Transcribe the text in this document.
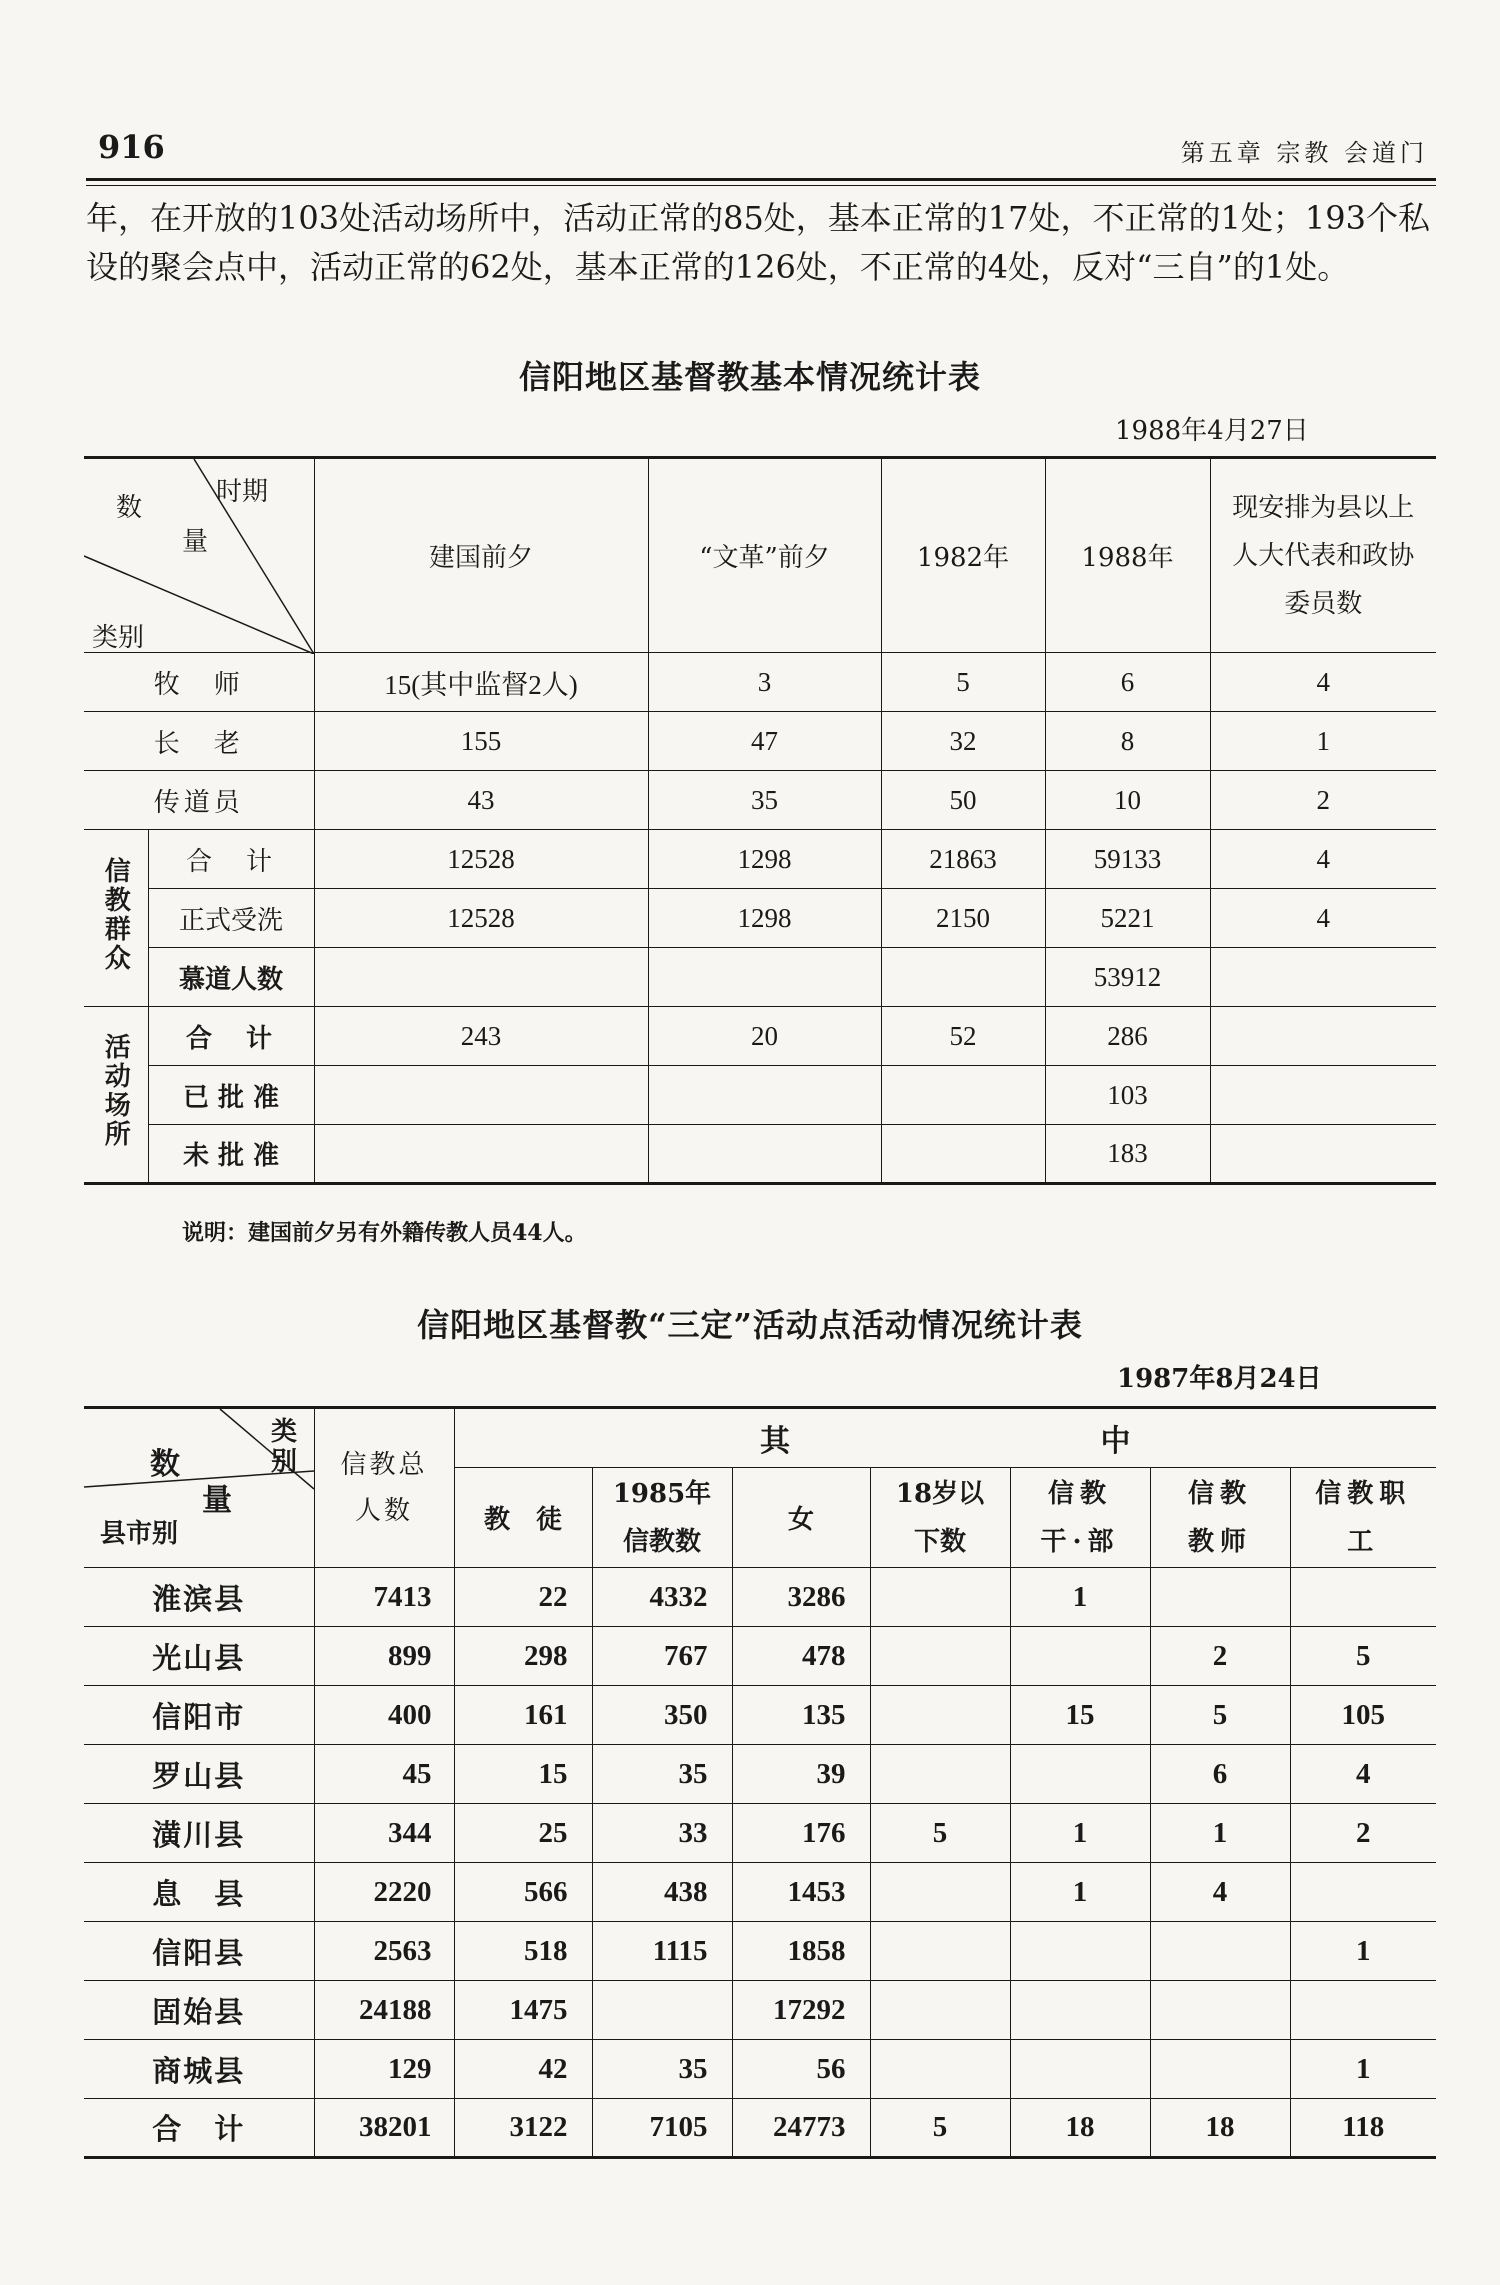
916	第五章 宗教 会道门
年，在开放的103处活动场所中，活动正常的85处，基本正常的17处，不正常的1处；193个私设的聚会点中，活动正常的62处，基本正常的126处，不正常的4处，反对“三自”的1处。
信阳地区基督教基本情况统计表
1988年4月27日
时期
数
量
类别		建国前夕	“文革”前夕	1982年	1988年	现安排为县以上人大代表和政协委员数
牧　师		15(其中监督2人)	3	5	6	4
长　老		155	47	32	8	1
传道员		43	35	50	10	2
信教群众	合　计	12528	1298	21863	59133	4
	正式受洗	12528	1298	2150	5221	4
	慕道人数				53912	
活动场所	合　计	243	20	52	286	
	已 批 准				103	
	未 批 准				183	
说明：建国前夕另有外籍传教人员44人。
信阳地区基督教“三定”活动点活动情况统计表
1987年8月24日
类别
数
量
县市别	信教总人数	其 中						
		教　徒	1985年信教数	女	18岁以下数	信教干·部	信教教师	信教职工
淮滨县	7413	22	4332	3286		1		
光山县	899	298	767	478			2	5
信阳市	400	161	350	135		15	5	105
罗山县	45	15	35	39			6	4
潢川县	344	25	33	176	5	1	1	2
息　县	2220	566	438	1453		1	4	
信阳县	2563	518	1115	1858				1
固始县	24188	1475		17292				
商城县	129	42	35	56				1
合　计	38201	3122	7105	24773	5	18	18	118
